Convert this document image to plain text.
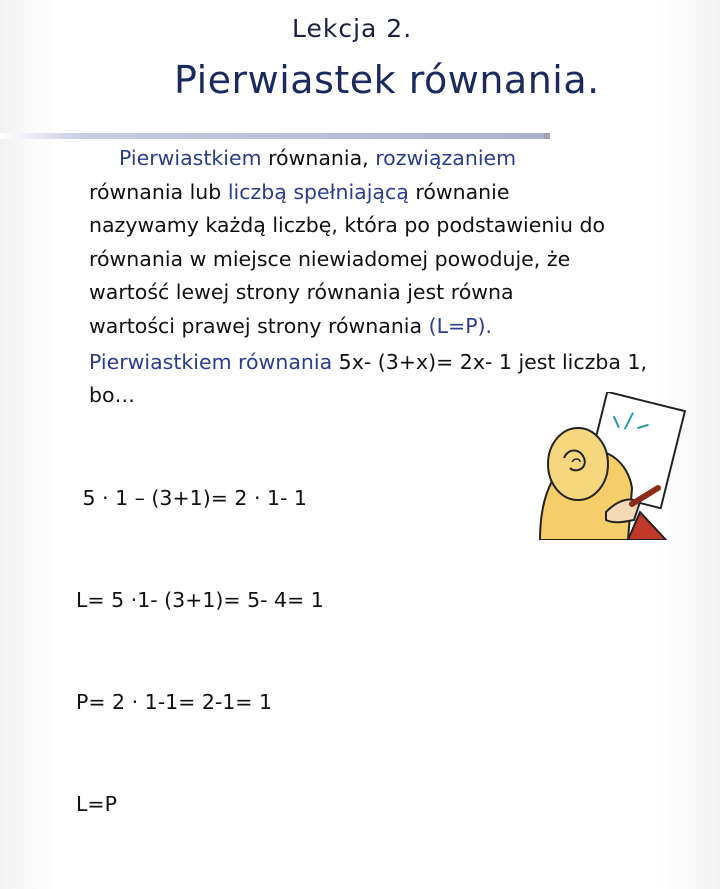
Lekcja 2.
Pierwiastek równania.
Pierwiastkiem równania, rozwiązaniem
równania lub liczbą spełniającą równanie
nazywamy każdą liczbę, która po podstawieniu do
równania w miejsce niewiadomej powoduje, że
wartość lewej strony równania jest równa
wartości prawej strony równania (L=P).
Pierwiastkiem równania 5x- (3+x)= 2x- 1 jest liczba 1,
bo…

5 · 1 – (3+1)= 2 · 1- 1

L= 5 ·1- (3+1)= 5- 4= 1

P= 2 · 1-1= 2-1= 1

L=P
